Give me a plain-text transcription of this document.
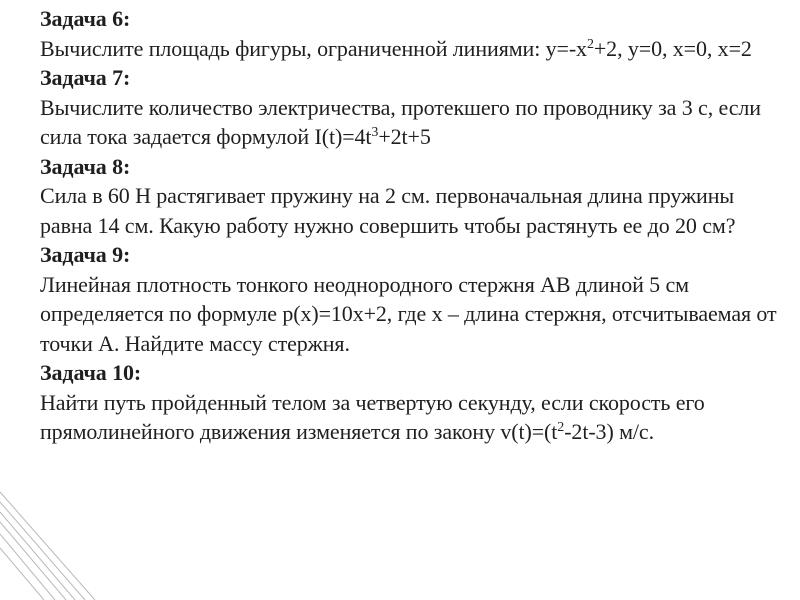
Задача 6:
Вычислите площадь фигуры, ограниченной линиями: $y=-x^2+2$, y=0, x=0, x=2
Задача 7:
Вычислите количество электричества, протекшего по проводнику за 3 с, если сила тока задается формулой $I(t)=4t^3+2t+5$
Задача 8:
Сила в 60 Н растягивает пружину на 2 см. первоначальная длина пружины равна 14 см. Какую работу нужно совершить чтобы растянуть ее до 20 см?
Задача 9:
Линейная плотность тонкого неоднородного стержня АВ длиной 5 см определяется по формуле p(x)=10x+2, где x – длина стержня, отсчитываемая от точки А. Найдите массу стержня.
Задача 10:
Найти путь пройденный телом за четвертую секунду, если скорость его прямолинейного движения изменяется по закону $v(t)=(t^2-2t-3)$ м/с.
